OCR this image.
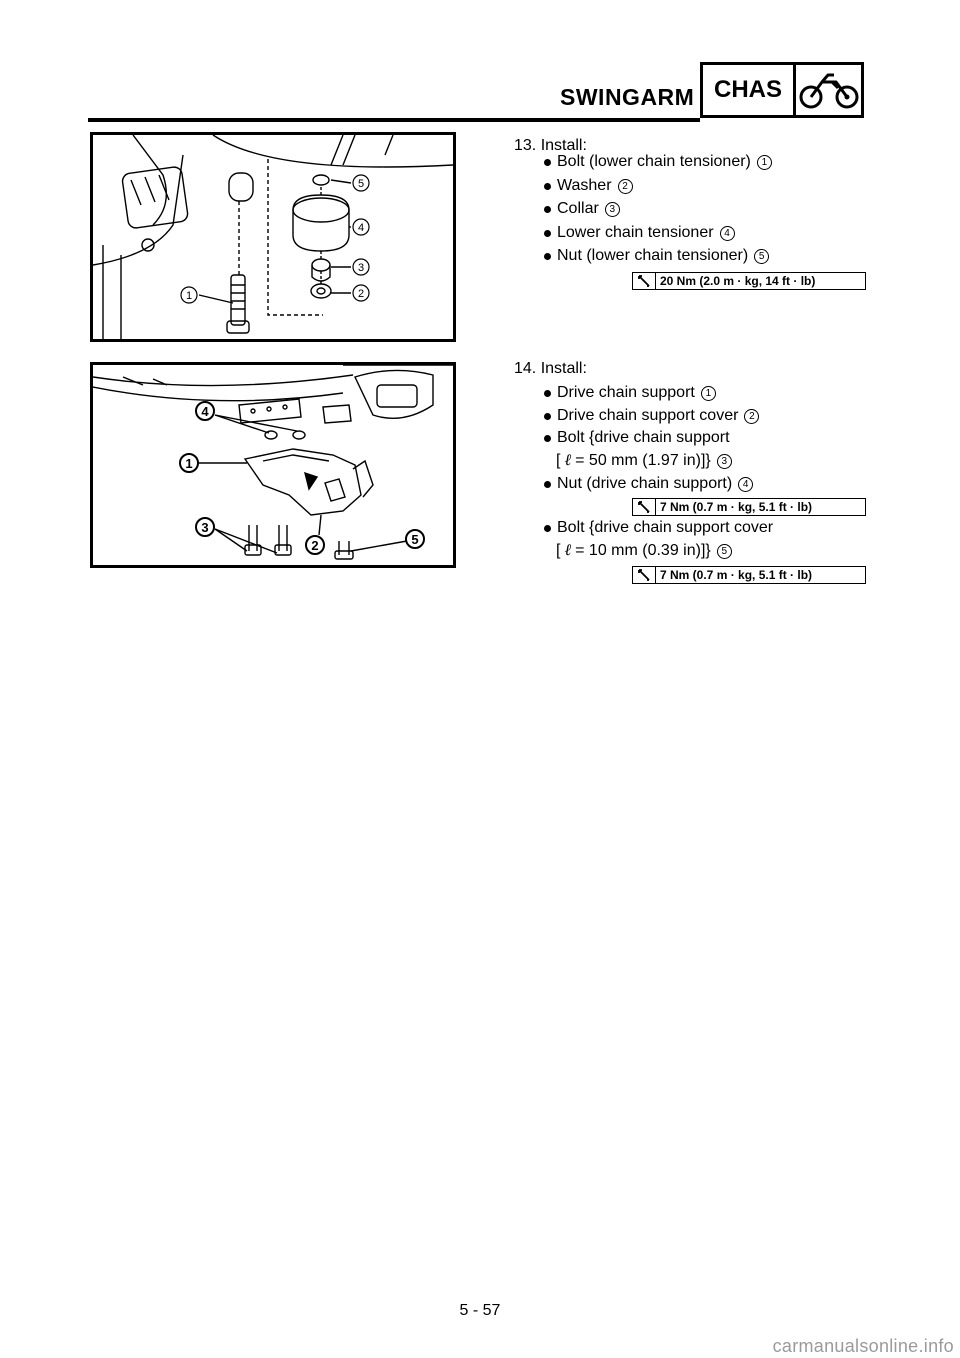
SWINGARM CHAS
5
4
3
2
1
4
1
3
2	5
13. Install:
Bolt (lower chain tensioner)	1
Washer	2
Collar	3
Lower chain tensioner	4
Nut (lower chain tensioner)	5
20 Nm (2.0 m · kg, 14 ft · lb)
14. Install:
Drive chain support	1
Drive chain support cover	2
Bolt {drive chain support
[ ℓ = 50 mm (1.97 in)]}	3
Nut (drive chain support)	4
7 Nm (0.7 m · kg, 5.1 ft · lb)
Bolt {drive chain support cover
[ ℓ = 10 mm (0.39 in)]}	5
7 Nm (0.7 m · kg, 5.1 ft · lb)
5 - 57
carmanualsonline.info
